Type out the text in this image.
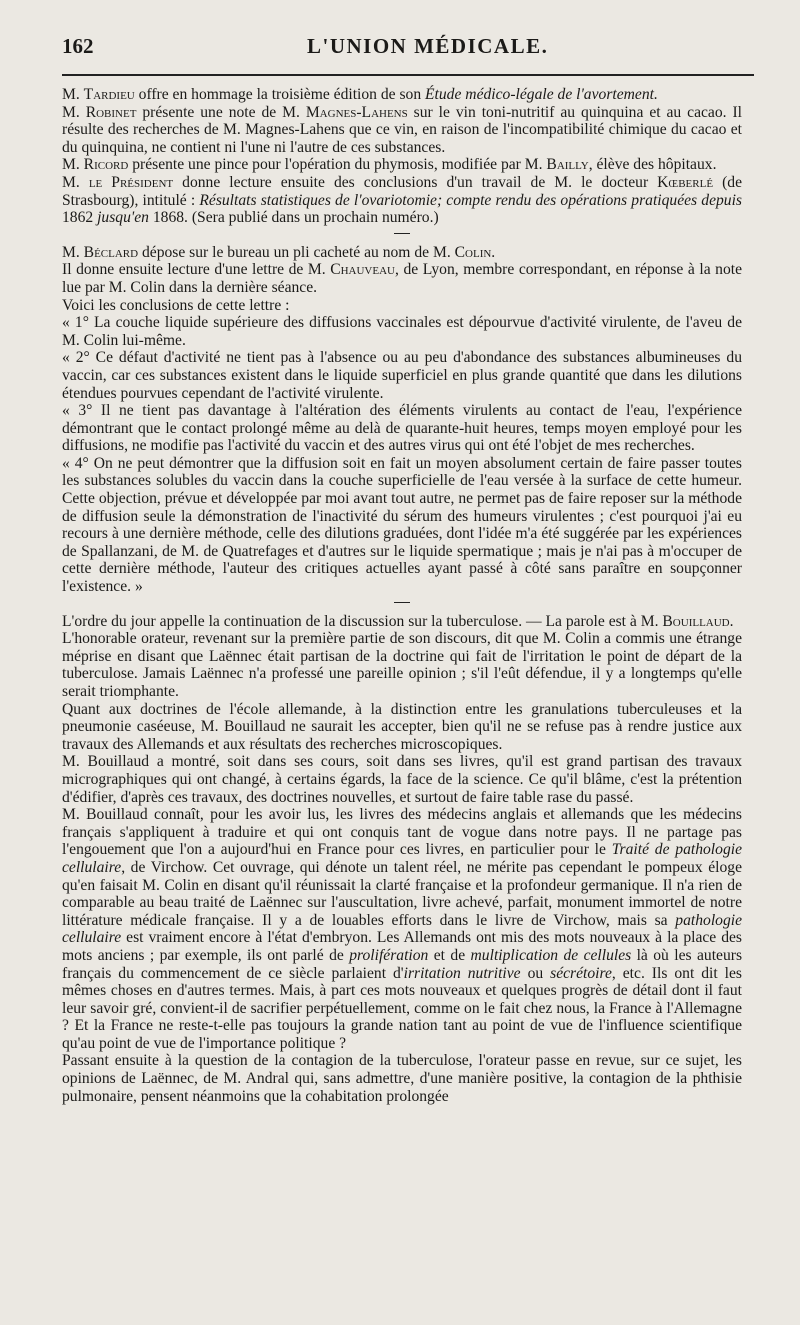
162	L'UNION MÉDICALE.

M. Tardieu offre en hommage la troisième édition de son Étude médico-légale de l'avortement.

M. Robinet présente une note de M. Magnes-Lahens sur le vin toni-nutritif au quinquina et au cacao. Il résulte des recherches de M. Magnes-Lahens que ce vin, en raison de l'incompatibilité chimique du cacao et du quinquina, ne contient ni l'une ni l'autre de ces substances.

M. Ricord présente une pince pour l'opération du phymosis, modifiée par M. Bailly, élève des hôpitaux.

M. le Président donne lecture ensuite des conclusions d'un travail de M. le docteur Kœberlé (de Strasbourg), intitulé : Résultats statistiques de l'ovariotomie; compte rendu des opérations pratiquées depuis 1862 jusqu'en 1868. (Sera publié dans un prochain numéro.)

M. Béclard dépose sur le bureau un pli cacheté au nom de M. Colin.

Il donne ensuite lecture d'une lettre de M. Chauveau, de Lyon, membre correspondant, en réponse à la note lue par M. Colin dans la dernière séance.

Voici les conclusions de cette lettre :

« 1° La couche liquide supérieure des diffusions vaccinales est dépourvue d'activité virulente, de l'aveu de M. Colin lui-même.

« 2° Ce défaut d'activité ne tient pas à l'absence ou au peu d'abondance des substances albumineuses du vaccin, car ces substances existent dans le liquide superficiel en plus grande quantité que dans les dilutions étendues pourvues cependant de l'activité virulente.

« 3° Il ne tient pas davantage à l'altération des éléments virulents au contact de l'eau, l'expérience démontrant que le contact prolongé même au delà de quarante-huit heures, temps moyen employé pour les diffusions, ne modifie pas l'activité du vaccin et des autres virus qui ont été l'objet de mes recherches.

« 4° On ne peut démontrer que la diffusion soit en fait un moyen absolument certain de faire passer toutes les substances solubles du vaccin dans la couche superficielle de l'eau versée à la surface de cette humeur. Cette objection, prévue et développée par moi avant tout autre, ne permet pas de faire reposer sur la méthode de diffusion seule la démonstration de l'inactivité du sérum des humeurs virulentes ; c'est pourquoi j'ai eu recours à une dernière méthode, celle des dilutions graduées, dont l'idée m'a été suggérée par les expériences de Spallanzani, de M. de Quatrefages et d'autres sur le liquide spermatique ; mais je n'ai pas à m'occuper de cette dernière méthode, l'auteur des critiques actuelles ayant passé à côté sans paraître en soupçonner l'existence. »

L'ordre du jour appelle la continuation de la discussion sur la tuberculose. — La parole est à M. Bouillaud.

L'honorable orateur, revenant sur la première partie de son discours, dit que M. Colin a commis une étrange méprise en disant que Laënnec était partisan de la doctrine qui fait de l'irritation le point de départ de la tuberculose. Jamais Laënnec n'a professé une pareille opinion ; s'il l'eût défendue, il y a longtemps qu'elle serait triomphante.

Quant aux doctrines de l'école allemande, à la distinction entre les granulations tuberculeuses et la pneumonie caséeuse, M. Bouillaud ne saurait les accepter, bien qu'il ne se refuse pas à rendre justice aux travaux des Allemands et aux résultats des recherches microscopiques.

M. Bouillaud a montré, soit dans ses cours, soit dans ses livres, qu'il est grand partisan des travaux micrographiques qui ont changé, à certains égards, la face de la science. Ce qu'il blâme, c'est la prétention d'édifier, d'après ces travaux, des doctrines nouvelles, et surtout de faire table rase du passé.

M. Bouillaud connaît, pour les avoir lus, les livres des médecins anglais et allemands que les médecins français s'appliquent à traduire et qui ont conquis tant de vogue dans notre pays. Il ne partage pas l'engouement que l'on a aujourd'hui en France pour ces livres, en particulier pour le Traité de pathologie cellulaire, de Virchow. Cet ouvrage, qui dénote un talent réel, ne mérite pas cependant le pompeux éloge qu'en faisait M. Colin en disant qu'il réunissait la clarté française et la profondeur germanique. Il n'a rien de comparable au beau traité de Laënnec sur l'auscultation, livre achevé, parfait, monument immortel de notre littérature médicale française. Il y a de louables efforts dans le livre de Virchow, mais sa pathologie cellulaire est vraiment encore à l'état d'embryon. Les Allemands ont mis des mots nouveaux à la place des mots anciens ; par exemple, ils ont parlé de prolifération et de multiplication de cellules là où les auteurs français du commencement de ce siècle parlaient d'irritation nutritive ou sécrétoire, etc. Ils ont dit les mêmes choses en d'autres termes. Mais, à part ces mots nouveaux et quelques progrès de détail dont il faut leur savoir gré, convient-il de sacrifier perpétuellement, comme on le fait chez nous, la France à l'Allemagne ? Et la France ne reste-t-elle pas toujours la grande nation tant au point de vue de l'influence scientifique qu'au point de vue de l'importance politique ?

Passant ensuite à la question de la contagion de la tuberculose, l'orateur passe en revue, sur ce sujet, les opinions de Laënnec, de M. Andral qui, sans admettre, d'une manière positive, la contagion de la phthisie pulmonaire, pensent néanmoins que la cohabitation prolongée
